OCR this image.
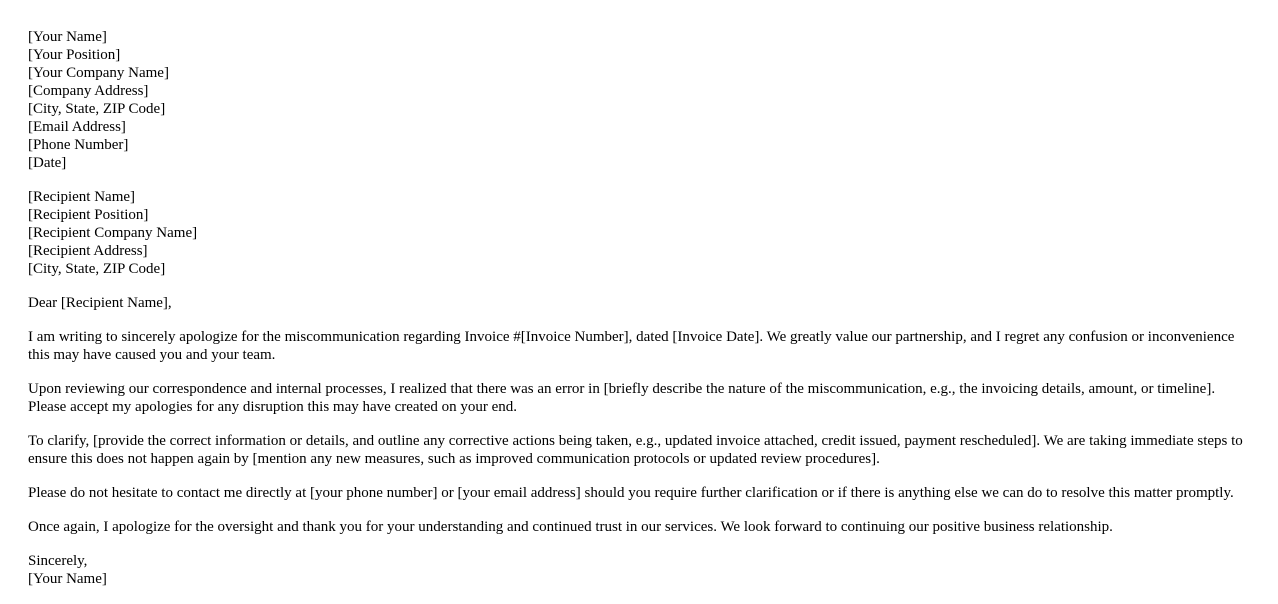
[Your Name]
[Your Position]
[Your Company Name]
[Company Address]
[City, State, ZIP Code]
[Email Address]
[Phone Number]
[Date]
[Recipient Name]
[Recipient Position]
[Recipient Company Name]
[Recipient Address]
[City, State, ZIP Code]

Dear [Recipient Name],

I am writing to sincerely apologize for the miscommunication regarding Invoice #[Invoice Number], dated [Invoice Date]. We greatly value our partnership, and I regret any confusion or inconvenience this may have caused you and your team.

Upon reviewing our correspondence and internal processes, I realized that there was an error in [briefly describe the nature of the miscommunication, e.g., the invoicing details, amount, or timeline]. Please accept my apologies for any disruption this may have created on your end.

To clarify, [provide the correct information or details, and outline any corrective actions being taken, e.g., updated invoice attached, credit issued, payment rescheduled]. We are taking immediate steps to ensure this does not happen again by [mention any new measures, such as improved communication protocols or updated review procedures].

Please do not hesitate to contact me directly at [your phone number] or [your email address] should you require further clarification or if there is anything else we can do to resolve this matter promptly.

Once again, I apologize for the oversight and thank you for your understanding and continued trust in our services. We look forward to continuing our positive business relationship.

Sincerely,
[Your Name]
